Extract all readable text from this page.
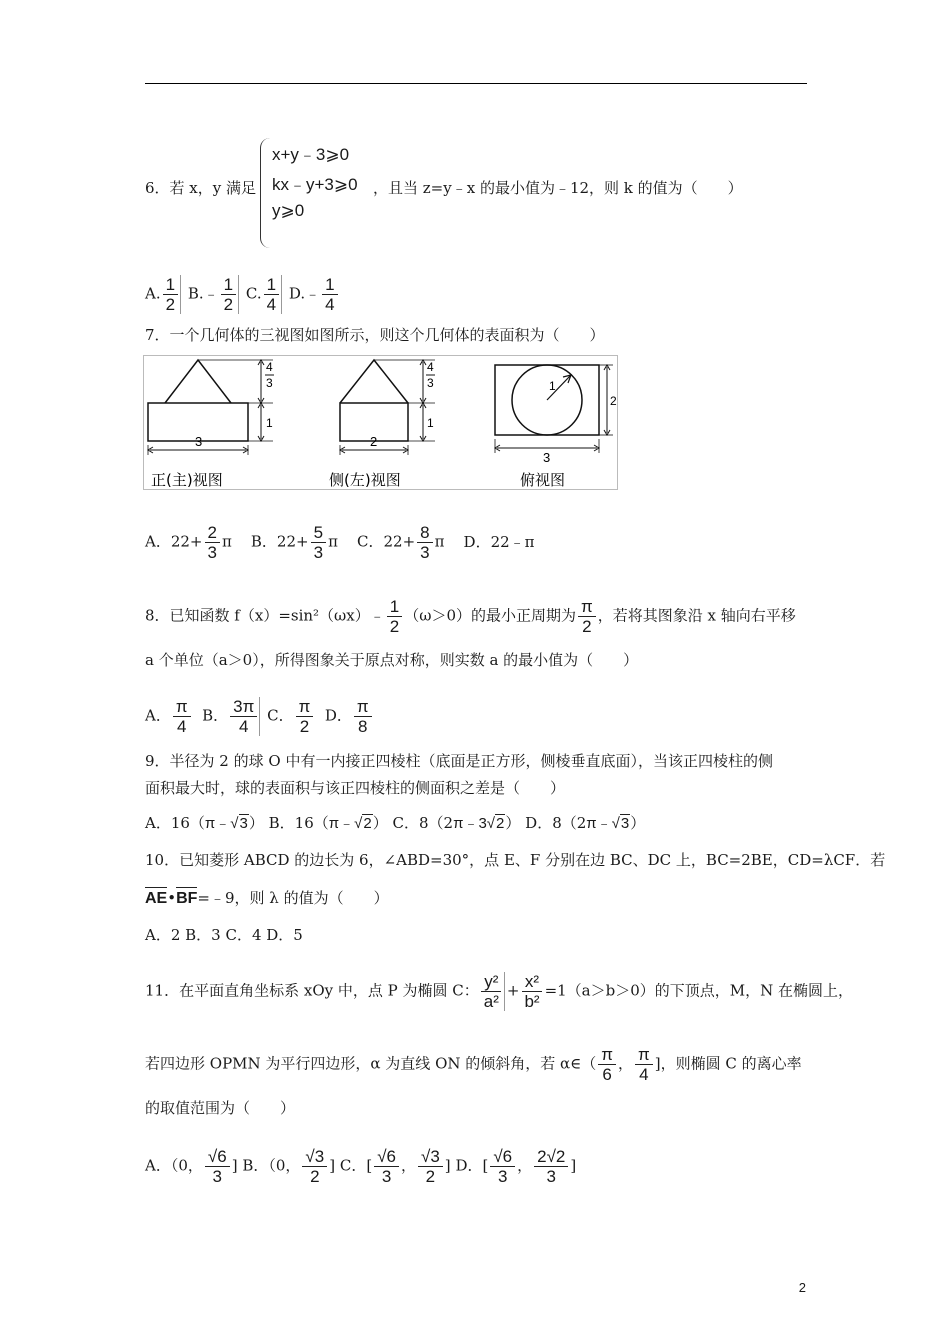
6．若 x，y 满足
x+y﹣3⩾0
kx﹣y+3⩾0
y⩾0
，且当 z=y﹣x 的最小值为﹣12，则 k 的值为（　　）
A. $\frac{1}{2}$ B.﹣ $\frac{1}{2} C$. $\frac{1}{4}$ D.﹣ $\frac{1}{4}$
7．一个几何体的三视图如图所示，则这个几何体的表面积为（　　）
4
3
1
3
正(主)视图
4
3
1
2
侧(左)视图
1
2
3
俯视图
A．$22+ \frac{2}{3}$ π B．$22+ \frac{5}{3}$ π C．$22+ \frac{8}{3}$ π D．22﹣π
8．已知函数 f（x）=sin²（ωx）﹣ $\frac{1}{2} (\omega>0)$的最小正周期为 $\frac{\pi}{2}$ ，若将其图象沿 x 轴向右平移
a 个单位（a＞0），所得图象关于原点对称，则实数 a 的最小值为（　　）
A． $\frac{\pi}{4}$ B． $\frac{3\pi}{4}$ C． $\frac{\pi}{2}$ D． $\frac{\pi}{8}$
9．半径为 2 的球 O 中有一内接正四棱柱（底面是正方形，侧棱垂直底面），当该正四棱柱的侧
面积最大时，球的表面积与该正四棱柱的侧面积之差是（　　）
A．16（π﹣√3） B．16（π﹣√2） C．8（2π﹣3√2） D．8（2π﹣√3）
10．已知菱形 ABCD 的边长为 6，∠ABD=30°，点 E、F 分别在边 BC、DC 上，BC=2BE，CD=λCF．若
AE•BF=﹣9，则 λ 的值为（　　）
A．2 B．3 C．4 D．5
11．在平面直角坐标系 xOy 中，点 P 为椭圆 C： $\frac{\text{y²}}{\text{a²}} + \frac{\text{x²}}{\text{b²}} =1(a>b>0)$的下顶点，M，N 在椭圆上，
若四边形 OPMN 为平行四边形，α 为直线 ON 的倾斜角，若 α∈（ $\frac{\pi}{6}$ ， $\frac{\pi}{4}$ ]，则椭圆 C 的离心率
的取值范围为（　　）
A．（0， $\frac{√6}{3}$ ] B．（0， $\frac{√3}{2}$ ] C．[ $\frac{√6}{3}$ ， $\frac{√3}{2}$ ] D．[ $\frac{√6}{3}$ ， $\frac{2√2}{3}$ ]
2
